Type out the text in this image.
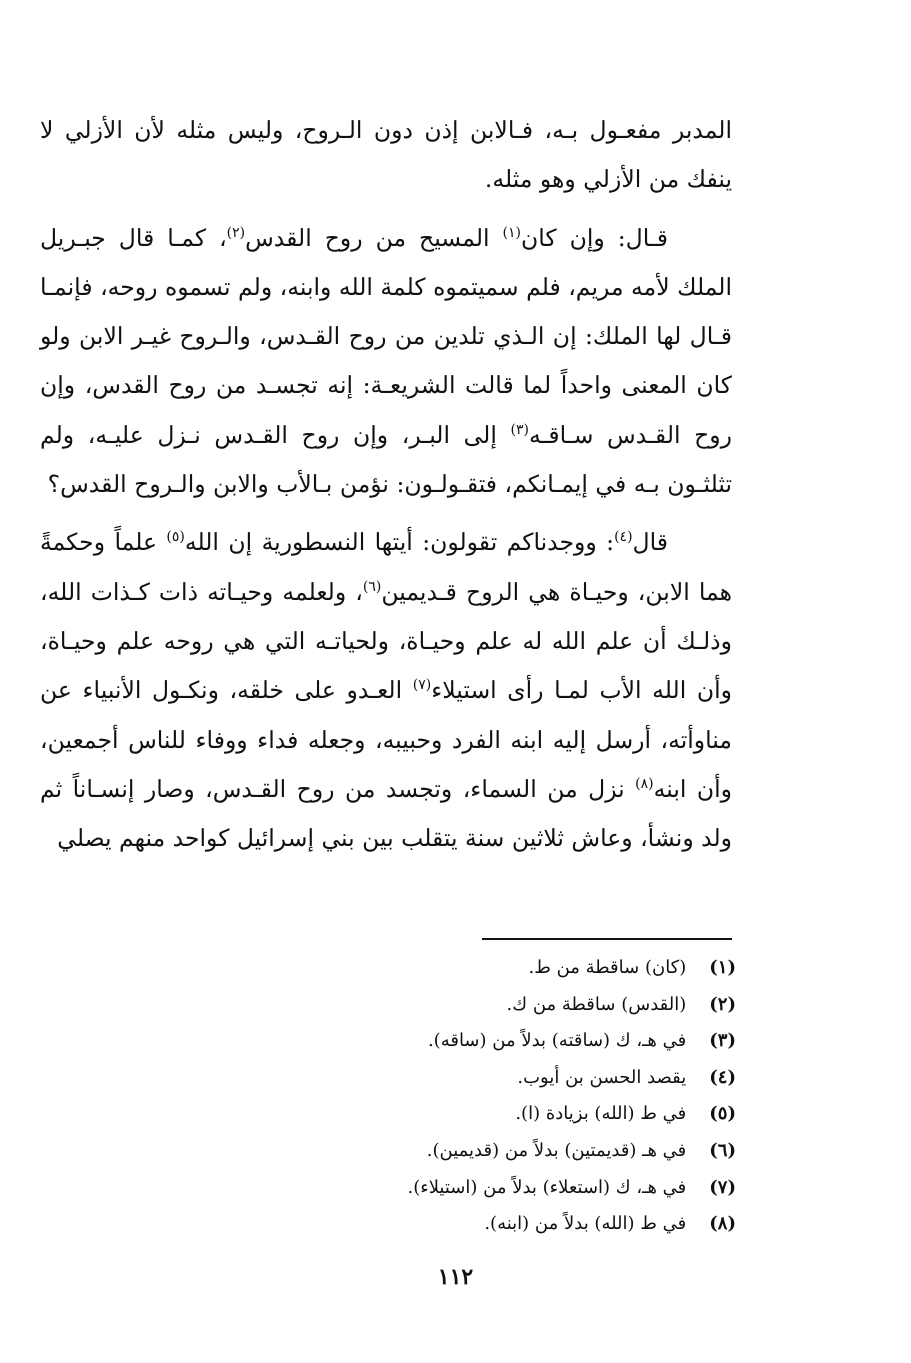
المدبر مفعـول بـه، فـالابن إذن دون الـروح، وليس مثله لأن الأزلي لا ينفك من الأزلي وهو مثله.

قـال: وإن كان$^{(١)}$ المسيح من روح القدس$^{(٢)}$، كمـا قال جبـريل الملك لأمه مريم، فلم سميتموه كلمة الله وابنه، ولم تسموه روحه، فإنمـا قـال لها الملك: إن الـذي تلدين من روح القـدس، والـروح غيـر الابن ولو كان المعنى واحداً لما قالت الشريعـة: إنه تجسـد من روح القدس، وإن روح القـدس سـاقـه$^{(٣)}$ إلى البـر، وإن روح القـدس نـزل عليـه، ولم تثلثـون بـه في إيمـانكم، فتقـولـون: نؤمن بـالأب والابن والـروح القدس؟

قال$^{(٤)}$: ووجدناكم تقولون: أيتها النسطورية إن الله$^{(٥)}$ علماً وحكمةً هما الابن، وحيـاة هي الروح قـديمين$^{(٦)}$، ولعلمه وحيـاته ذات كـذات الله، وذلـك أن علم الله له علم وحيـاة، ولحياتـه التي هي روحه علم وحيـاة، وأن الله الأب لمـا رأى استيلاء$^{(٧)}$ العـدو على خلقه، ونكـول الأنبياء عن مناوأته، أرسل إليه ابنه الفرد وحبيبه، وجعله فداء ووفاء للناس أجمعين، وأن ابنه$^{(٨)}$ نزل من السماء، وتجسد من روح القـدس، وصار إنسـاناً ثم ولد ونشأ، وعاش ثلاثين سنة يتقلب بين بني إسرائيل كواحد منهم يصلي

(١) (كان) ساقطة من ط.
(٢) (القدس) ساقطة من ك.
(٣) في هـ، ك (ساقته) بدلاً من (ساقه).
(٤) يقصد الحسن بن أيوب.
(٥) في ط (الله) بزيادة (ا).
(٦) في هـ (قديمتين) بدلاً من (قديمين).
(٧) في هـ، ك (استعلاء) بدلاً من (استيلاء).
(٨) في ط (الله) بدلاً من (ابنه).
١١٢
